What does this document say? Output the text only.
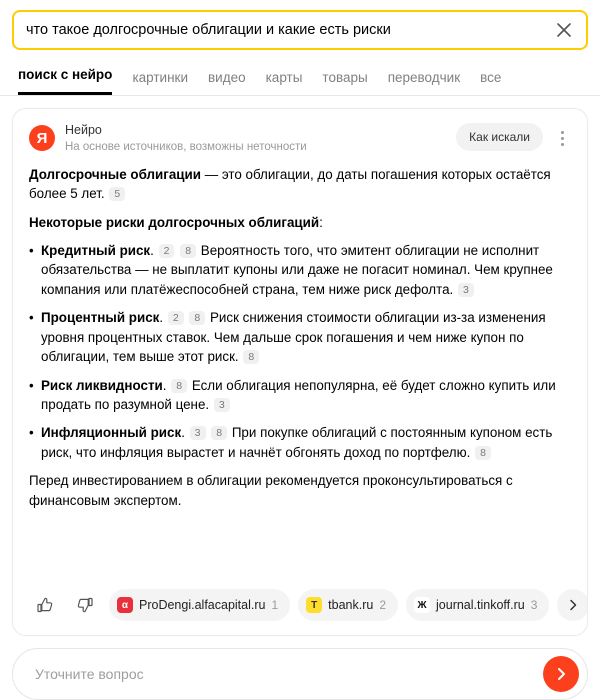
что такое долгосрочные облигации и какие есть риски
поиск с нейро картинки видео карты товары переводчик все
Я	Нейро
На основе источников, возможны неточности
Как искали

Долгосрочные облигации — это облигации, до даты погашения которых остаётся более 5 лет. 5

Некоторые риски долгосрочных облигаций:

• Кредитный риск. 2 8 Вероятность того, что эмитент облигации не исполнит обязательства — не выплатит купоны или даже не погасит номинал. Чем крупнее компания или платёжеспособней страна, тем ниже риск дефолта. 3
• Процентный риск. 2 8 Риск снижения стоимости облигации из-за изменения уровня процентных ставок. Чем дальше срок погашения и чем ниже купон по облигации, тем выше этот риск. 8
• Риск ликвидности. 8 Если облигация непопулярна, её будет сложно купить или продать по разумной цене. 3
• Инфляционный риск. 3 8 При покупке облигаций с постоянным купоном есть риск, что инфляция вырастет и начнёт обгонять доход по портфелю. 8

Перед инвестированием в облигации рекомендуется проконсультироваться с финансовым экспертом.

α ProDengi.alfacapital.ru 1	T tbank.ru 2	Ж journal.tinkoff.ru 3
Уточните вопрос
